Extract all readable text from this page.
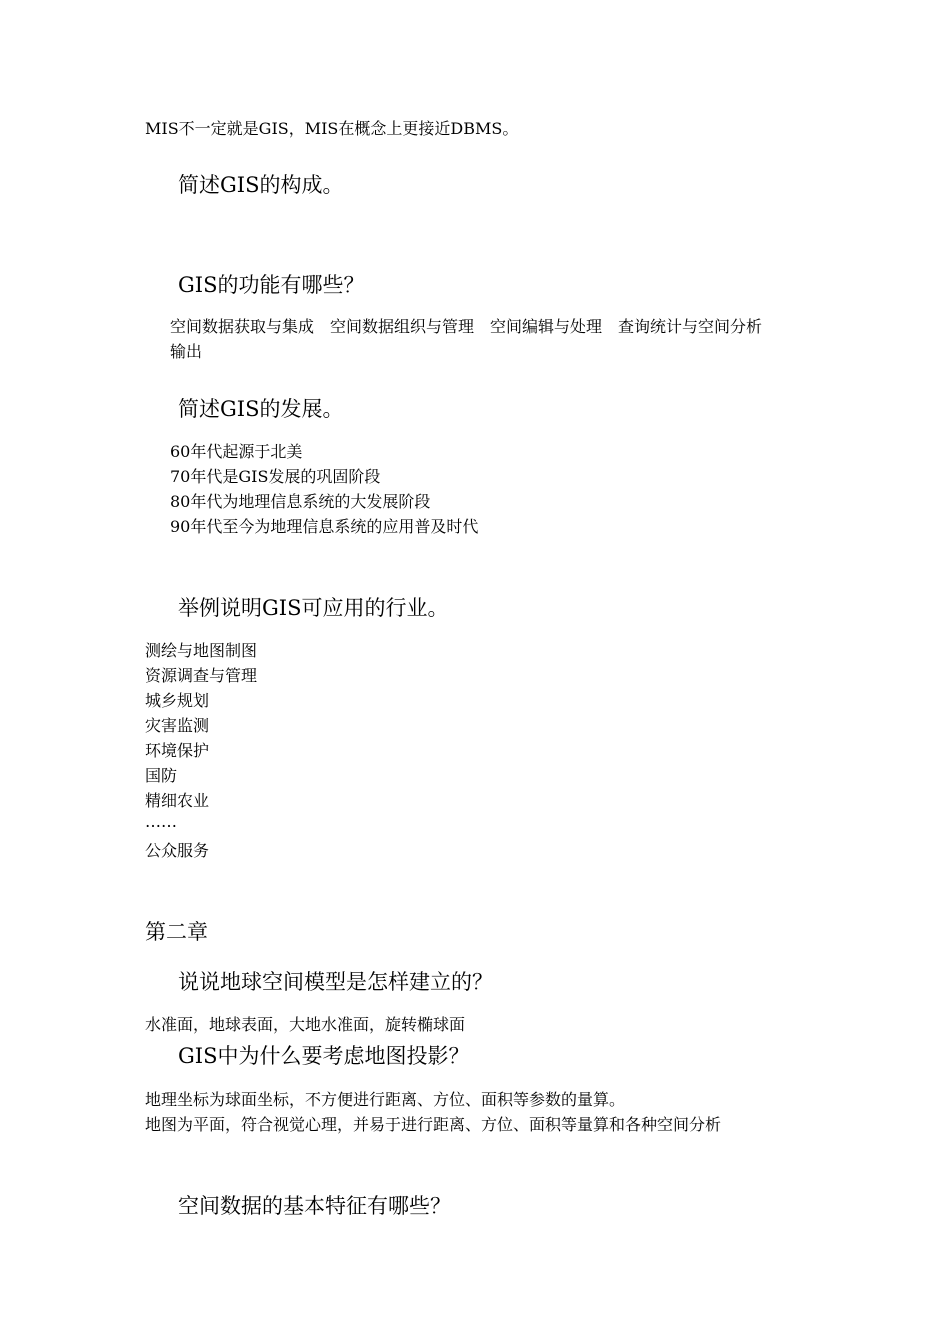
MIS不一定就是GIS，MIS在概念上更接近DBMS。

简述GIS的构成。

GIS的功能有哪些？

空间数据获取与集成　空间数据组织与管理　空间编辑与处理　查询统计与空间分析

输出

简述GIS的发展。

60年代起源于北美
70年代是GIS发展的巩固阶段
80年代为地理信息系统的大发展阶段
90年代至今为地理信息系统的应用普及时代

举例说明GIS可应用的行业。

测绘与地图制图
资源调查与管理
城乡规划
灾害监测
环境保护
国防
精细农业
……
公众服务

第二章

说说地球空间模型是怎样建立的？

水准面，地球表面，大地水准面，旋转椭球面

GIS中为什么要考虑地图投影？

地理坐标为球面坐标，不方便进行距离、方位、面积等参数的量算。

地图为平面，符合视觉心理，并易于进行距离、方位、面积等量算和各种空间分析

空间数据的基本特征有哪些？
